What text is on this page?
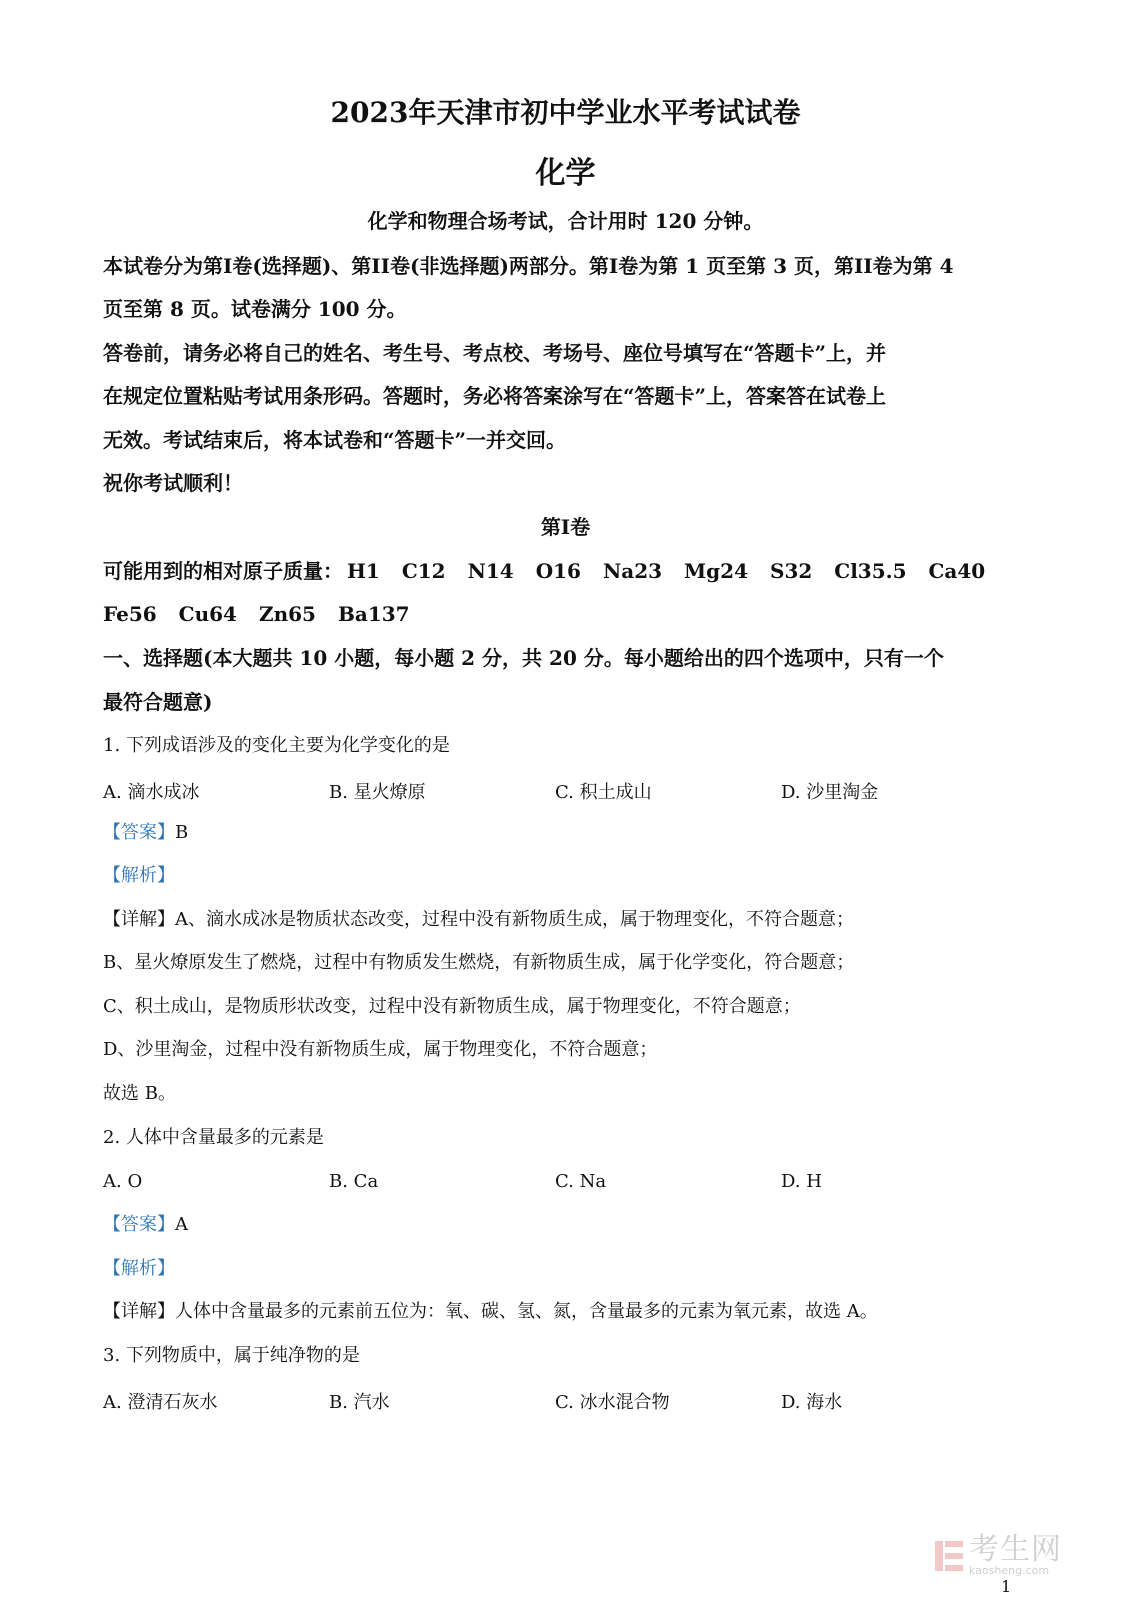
2023年天津市初中学业水平考试试卷
化学
化学和物理合场考试，合计用时 120 分钟。
本试卷分为第I卷(选择题)、第II卷(非选择题)两部分。第I卷为第 1 页至第 3 页，第II卷为第 4
页至第 8 页。试卷满分 100 分。
答卷前，请务必将自己的姓名、考生号、考点校、考场号、座位号填写在“答题卡”上，并
在规定位置粘贴考试用条形码。答题时，务必将答案涂写在“答题卡”上，答案答在试卷上
无效。考试结束后，将本试卷和“答题卡”一并交回。
祝你考试顺利！
第I卷
可能用到的相对原子质量： H1 C12 N14 O16 Na23 Mg24 S32 Cl35.5 Ca40
Fe56 Cu64 Zn65 Ba137
一、选择题(本大题共 10 小题，每小题 2 分，共 20 分。每小题给出的四个选项中，只有一个
最符合题意)
1. 下列成语涉及的变化主要为化学变化的是
A. 滴水成冰	B. 星火燎原	C. 积土成山	D. 沙里淘金
【答案】B
【解析】
【详解】A、滴水成冰是物质状态改变，过程中没有新物质生成，属于物理变化，不符合题意；
B、星火燎原发生了燃烧，过程中有物质发生燃烧，有新物质生成，属于化学变化，符合题意；
C、积土成山，是物质形状改变，过程中没有新物质生成，属于物理变化，不符合题意；
D、沙里淘金，过程中没有新物质生成，属于物理变化，不符合题意；
故选 B。
2. 人体中含量最多的元素是
A. O	B. Ca	C. Na	D. H
【答案】A
【解析】
【详解】人体中含量最多的元素前五位为：氧、碳、氢、氮，含量最多的元素为氧元素，故选 A。
3. 下列物质中，属于纯净物的是
A. 澄清石灰水	B. 汽水	C. 冰水混合物	D. 海水
考生网
kaosheng.com
1
